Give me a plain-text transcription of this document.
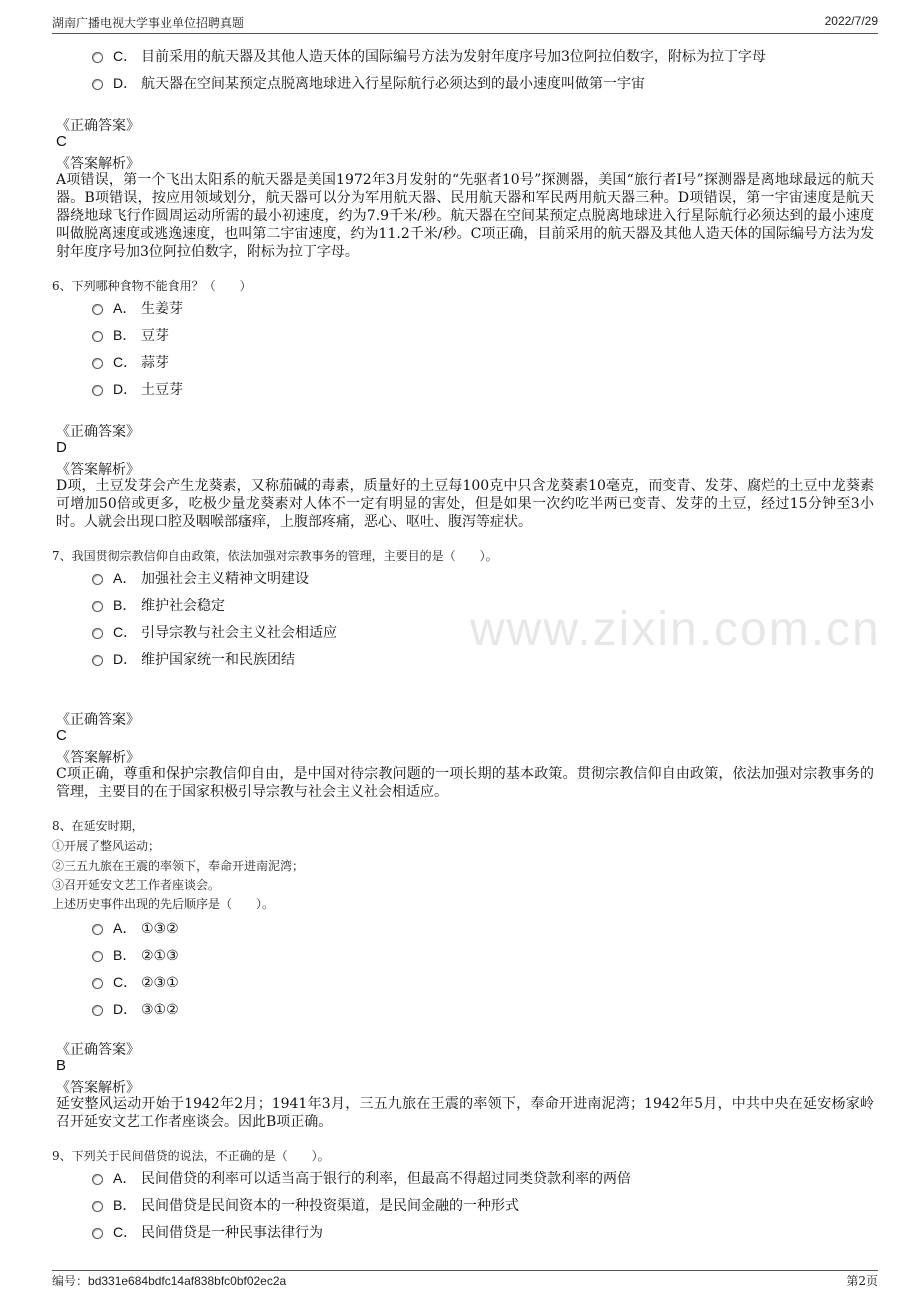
湖南广播电视大学事业单位招聘真题	2022/7/29
www.zixin.com.cn
C． 目前采用的航天器及其他人造天体的国际编号方法为发射年度序号加3位阿拉伯数字，附标为拉丁字母
D． 航天器在空间某预定点脱离地球进入行星际航行必须达到的最小速度叫做第一宇宙
《正确答案》
C
《答案解析》
A项错误，第一个飞出太阳系的航天器是美国1972年3月发射的“先驱者10号”探测器，美国“旅行者I号”探测器是离地球最远的航天器。B项错误，按应用领域划分，航天器可以分为军用航天器、民用航天器和军民两用航天器三种。D项错误，第一宇宙速度是航天器绕地球飞行作圆周运动所需的最小初速度，约为7.9千米/秒。航天器在空间某预定点脱离地球进入行星际航行必须达到的最小速度叫做脱离速度或逃逸速度，也叫第二宇宙速度，约为11.2千米/秒。C项正确，目前采用的航天器及其他人造天体的国际编号方法为发射年度序号加3位阿拉伯数字，附标为拉丁字母。
6、下列哪种食物不能食用？（　　）
A． 生姜芽
B． 豆芽
C． 蒜芽
D． 土豆芽
《正确答案》
D
《答案解析》
D项，土豆发芽会产生龙葵素，又称茄碱的毒素，质量好的土豆每100克中只含龙葵素10毫克，而变青、发芽、腐烂的土豆中龙葵素可增加50倍或更多，吃极少量龙葵素对人体不一定有明显的害处，但是如果一次约吃半两已变青、发芽的土豆，经过15分钟至3小时。人就会出现口腔及咽喉部瘙痒，上腹部疼痛，恶心、呕吐、腹泻等症状。
7、我国贯彻宗教信仰自由政策，依法加强对宗教事务的管理，主要目的是（　　）。
A． 加强社会主义精神文明建设
B． 维护社会稳定
C． 引导宗教与社会主义社会相适应
D． 维护国家统一和民族团结
《正确答案》
C
《答案解析》
C项正确，尊重和保护宗教信仰自由，是中国对待宗教问题的一项长期的基本政策。贯彻宗教信仰自由政策，依法加强对宗教事务的管理，主要目的在于国家积极引导宗教与社会主义社会相适应。
8、在延安时期，
①开展了整风运动；
②三五九旅在王震的率领下，奉命开进南泥湾；
③召开延安文艺工作者座谈会。
上述历史事件出现的先后顺序是（　　）。
A． ①③②
B． ②①③
C． ②③①
D． ③①②
《正确答案》
B
《答案解析》
延安整风运动开始于1942年2月；1941年3月，三五九旅在王震的率领下，奉命开进南泥湾；1942年5月，中共中央在延安杨家岭召开延安文艺工作者座谈会。因此B项正确。
9、下列关于民间借贷的说法，不正确的是（　　）。
A． 民间借贷的利率可以适当高于银行的利率，但最高不得超过同类贷款利率的两倍
B． 民间借贷是民间资本的一种投资渠道，是民间金融的一种形式
C． 民间借贷是一种民事法律行为
编号：bd331e684bdfc14af838bfc0bf02ec2a	第2页
